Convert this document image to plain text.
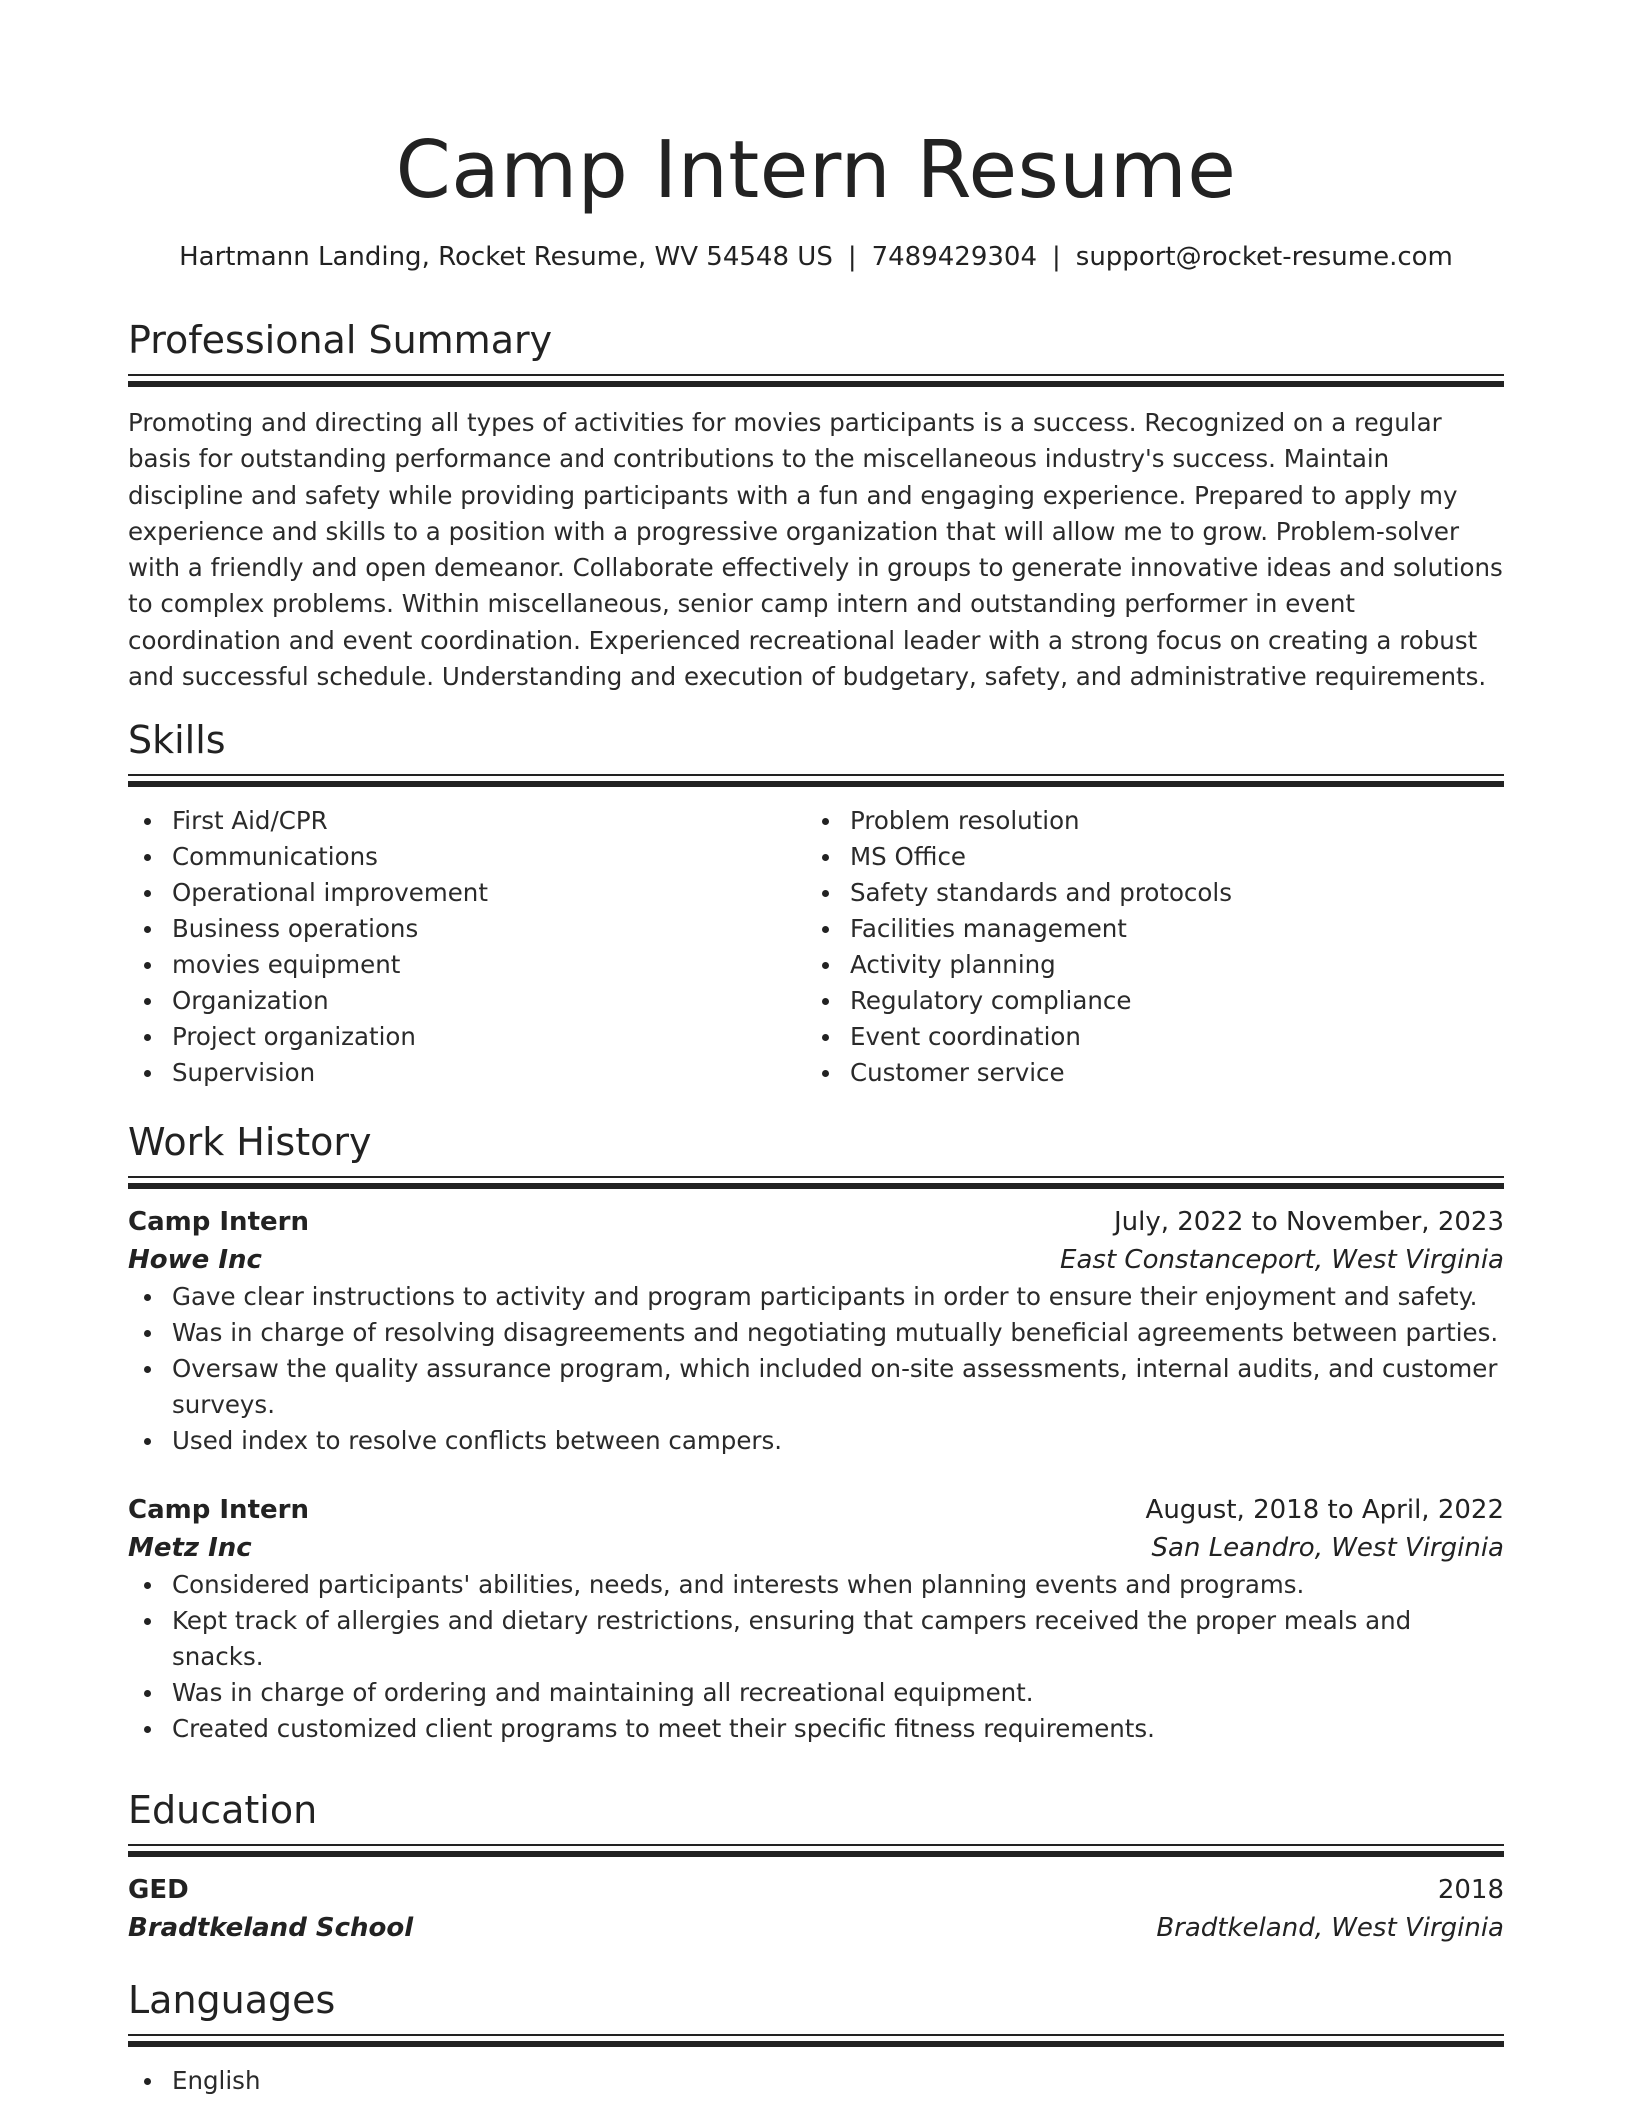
Camp Intern Resume
Hartmann Landing, Rocket Resume, WV 54548 US | 7489429304 | support@rocket-resume.com
Professional Summary
Promoting and directing all types of activities for movies participants is a success. Recognized on a regular basis for outstanding performance and contributions to the miscellaneous industry's success. Maintain discipline and safety while providing participants with a fun and engaging experience. Prepared to apply my experience and skills to a position with a progressive organization that will allow me to grow. Problem-solver with a friendly and open demeanor. Collaborate effectively in groups to generate innovative ideas and solutions to complex problems. Within miscellaneous, senior camp intern and outstanding performer in event coordination and event coordination. Experienced recreational leader with a strong focus on creating a robust and successful schedule. Understanding and execution of budgetary, safety, and administrative requirements.
Skills
First Aid/CPR
Communications
Operational improvement
Business operations
movies equipment
Organization
Project organization
Supervision
Problem resolution
MS Office
Safety standards and protocols
Facilities management
Activity planning
Regulatory compliance
Event coordination
Customer service
Work History
Camp Intern	July, 2022 to November, 2023
Howe Inc	East Constanceport, West Virginia
Gave clear instructions to activity and program participants in order to ensure their enjoyment and safety.
Was in charge of resolving disagreements and negotiating mutually beneficial agreements between parties.
Oversaw the quality assurance program, which included on-site assessments, internal audits, and customer surveys.
Used index to resolve conflicts between campers.
Camp Intern	August, 2018 to April, 2022
Metz Inc	San Leandro, West Virginia
Considered participants' abilities, needs, and interests when planning events and programs.
Kept track of allergies and dietary restrictions, ensuring that campers received the proper meals and snacks.
Was in charge of ordering and maintaining all recreational equipment.
Created customized client programs to meet their specific fitness requirements.
Education
GED	2018
Bradtkeland School	Bradtkeland, West Virginia
Languages
English
